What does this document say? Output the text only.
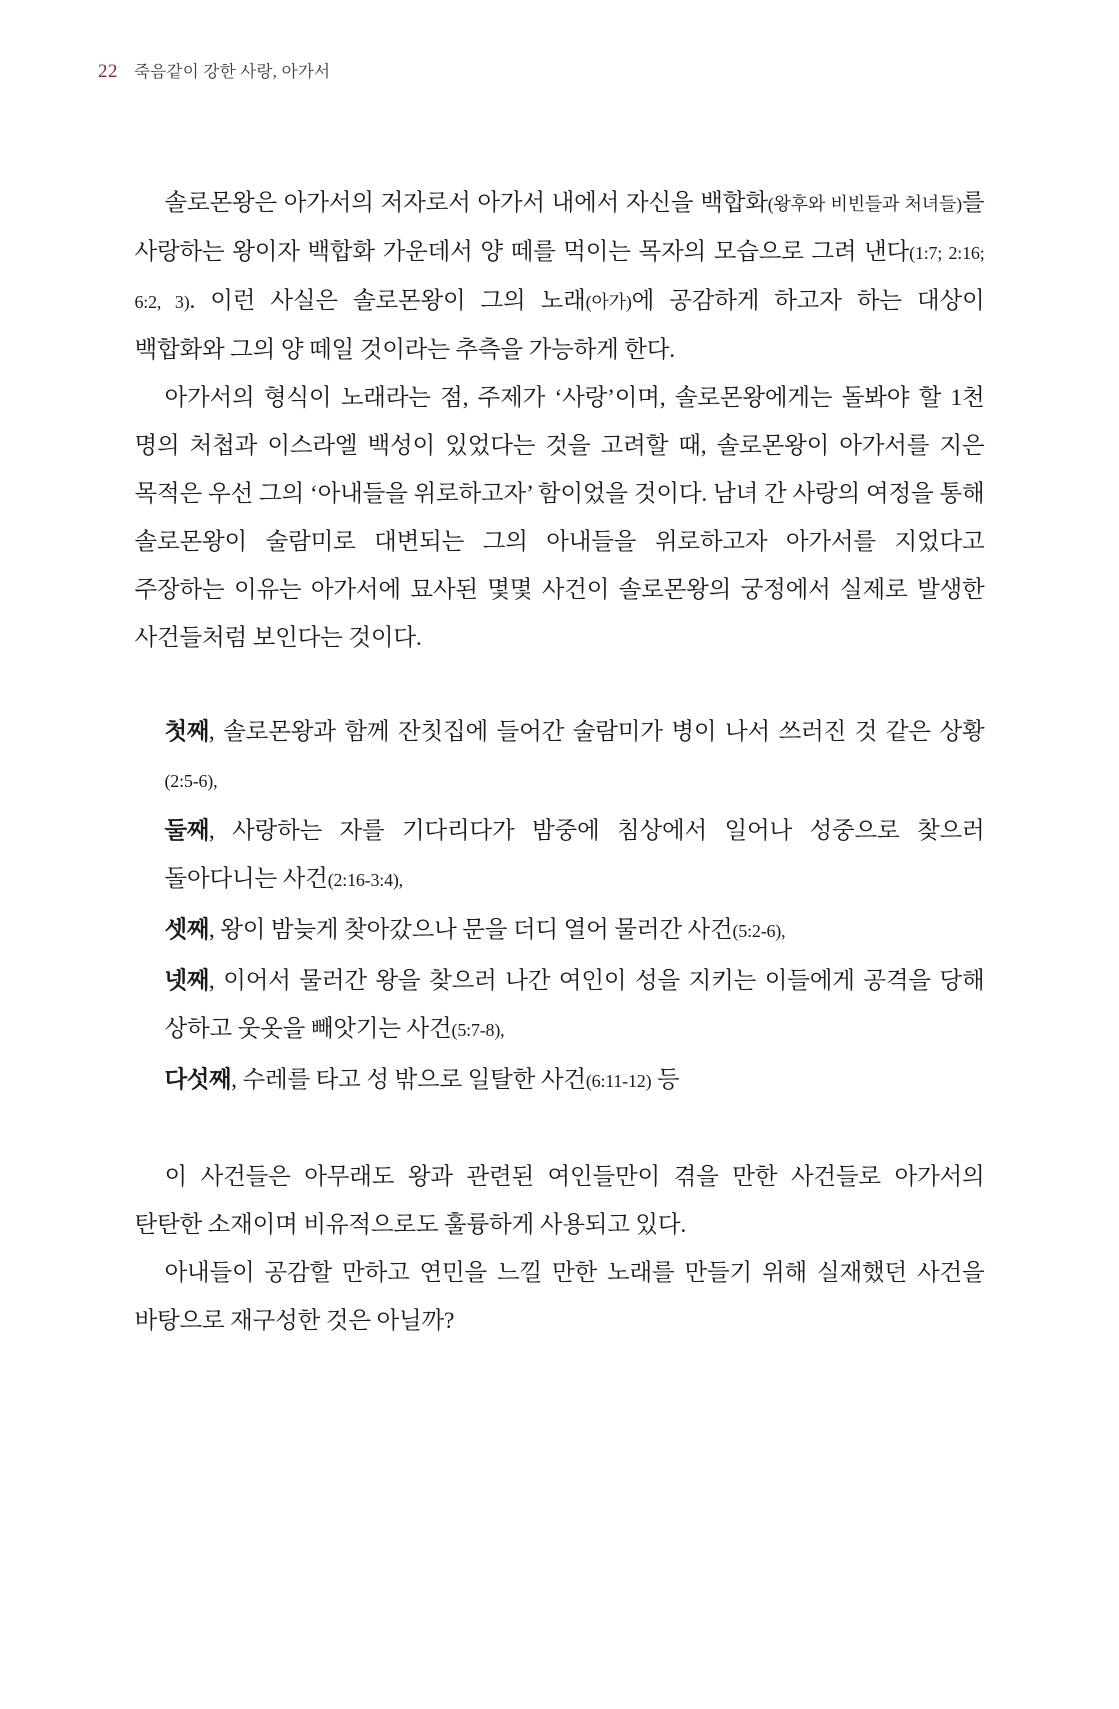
22 죽음같이 강한 사랑, 아가서

솔로몬왕은 아가서의 저자로서 아가서 내에서 자신을 백합화(왕후와 비빈들과 처녀들)를 사랑하는 왕이자 백합화 가운데서 양 떼를 먹이는 목자의 모습으로 그려 낸다(1:7; 2:16; 6:2, 3). 이런 사실은 솔로몬왕이 그의 노래(아가)에 공감하게 하고자 하는 대상이 백합화와 그의 양 떼일 것이라는 추측을 가능하게 한다.

아가서의 형식이 노래라는 점, 주제가 ‘사랑’이며, 솔로몬왕에게는 돌봐야 할 1천 명의 처첩과 이스라엘 백성이 있었다는 것을 고려할 때, 솔로몬왕이 아가서를 지은 목적은 우선 그의 ‘아내들을 위로하고자’ 함이었을 것이다. 남녀 간 사랑의 여정을 통해 솔로몬왕이 술람미로 대변되는 그의 아내들을 위로하고자 아가서를 지었다고 주장하는 이유는 아가서에 묘사된 몇몇 사건이 솔로몬왕의 궁정에서 실제로 발생한 사건들처럼 보인다는 것이다.

첫째, 솔로몬왕과 함께 잔칫집에 들어간 술람미가 병이 나서 쓰러진 것 같은 상황(2:5-6),

둘째, 사랑하는 자를 기다리다가 밤중에 침상에서 일어나 성중으로 찾으러 돌아다니는 사건(2:16-3:4),

셋째, 왕이 밤늦게 찾아갔으나 문을 더디 열어 물러간 사건(5:2-6),

넷째, 이어서 물러간 왕을 찾으러 나간 여인이 성을 지키는 이들에게 공격을 당해 상하고 웃옷을 빼앗기는 사건(5:7-8),

다섯째, 수레를 타고 성 밖으로 일탈한 사건(6:11-12) 등

이 사건들은 아무래도 왕과 관련된 여인들만이 겪을 만한 사건들로 아가서의 탄탄한 소재이며 비유적으로도 훌륭하게 사용되고 있다.

아내들이 공감할 만하고 연민을 느낄 만한 노래를 만들기 위해 실재했던 사건을 바탕으로 재구성한 것은 아닐까?
